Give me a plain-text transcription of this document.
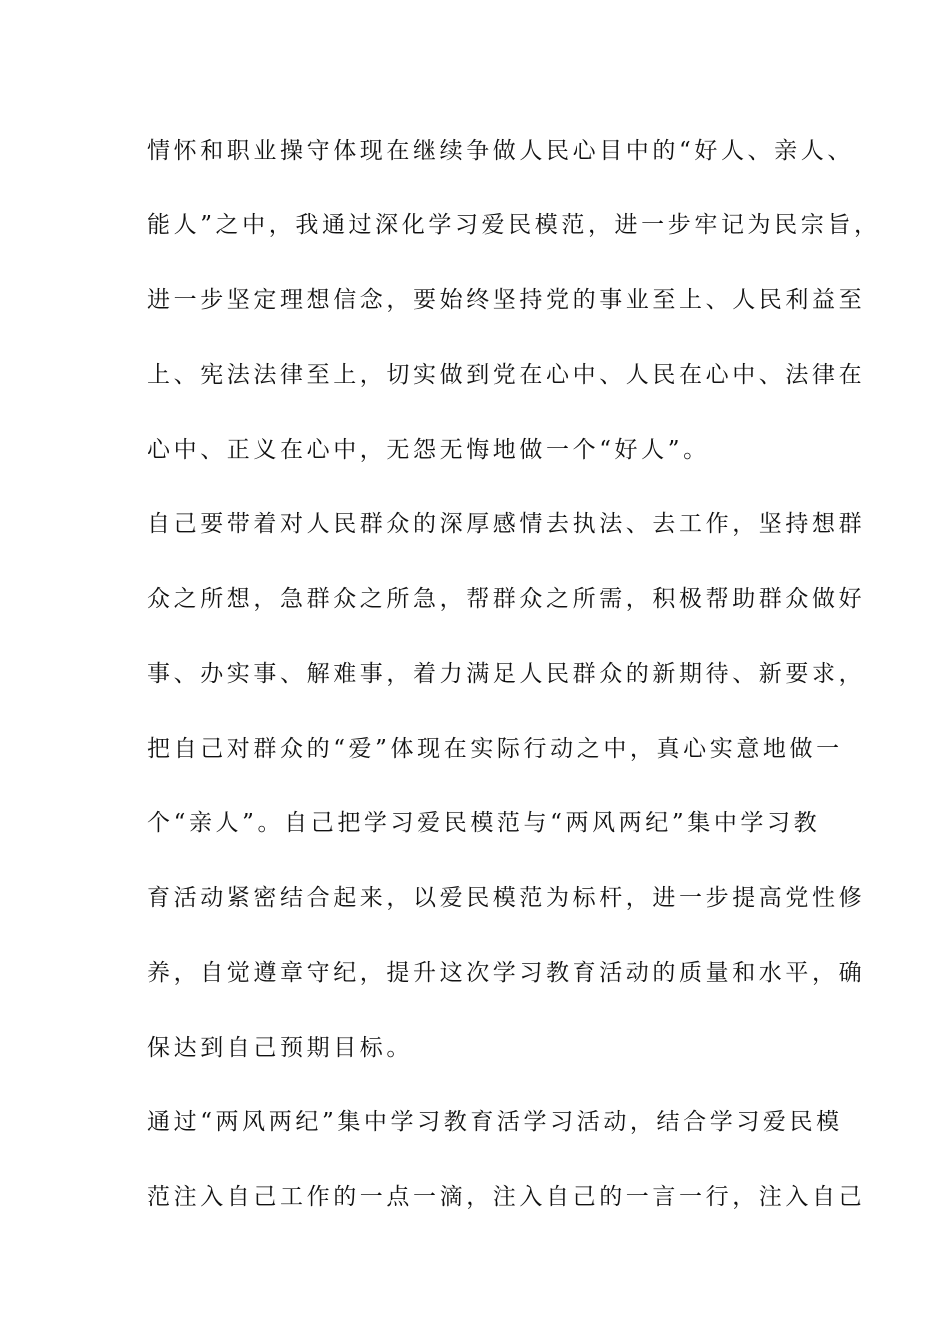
情怀和职业操守体现在继续争做人民心目中的“好人、亲人、
能人”之中，我通过深化学习爱民模范，进一步牢记为民宗旨，
进一步坚定理想信念，要始终坚持党的事业至上、人民利益至
上、宪法法律至上，切实做到党在心中、人民在心中、法律在
心中、正义在心中，无怨无悔地做一个“好人”。
自己要带着对人民群众的深厚感情去执法、去工作，坚持想群
众之所想，急群众之所急，帮群众之所需，积极帮助群众做好
事、办实事、解难事，着力满足人民群众的新期待、新要求，
把自己对群众的“爱”体现在实际行动之中，真心实意地做一
个“亲人”。自己把学习爱民模范与“两风两纪”集中学习教
育活动紧密结合起来，以爱民模范为标杆，进一步提高党性修
养，自觉遵章守纪，提升这次学习教育活动的质量和水平，确
保达到自己预期目标。
通过“两风两纪”集中学习教育活学习活动，结合学习爱民模
范注入自己工作的一点一滴，注入自己的一言一行，注入自己
